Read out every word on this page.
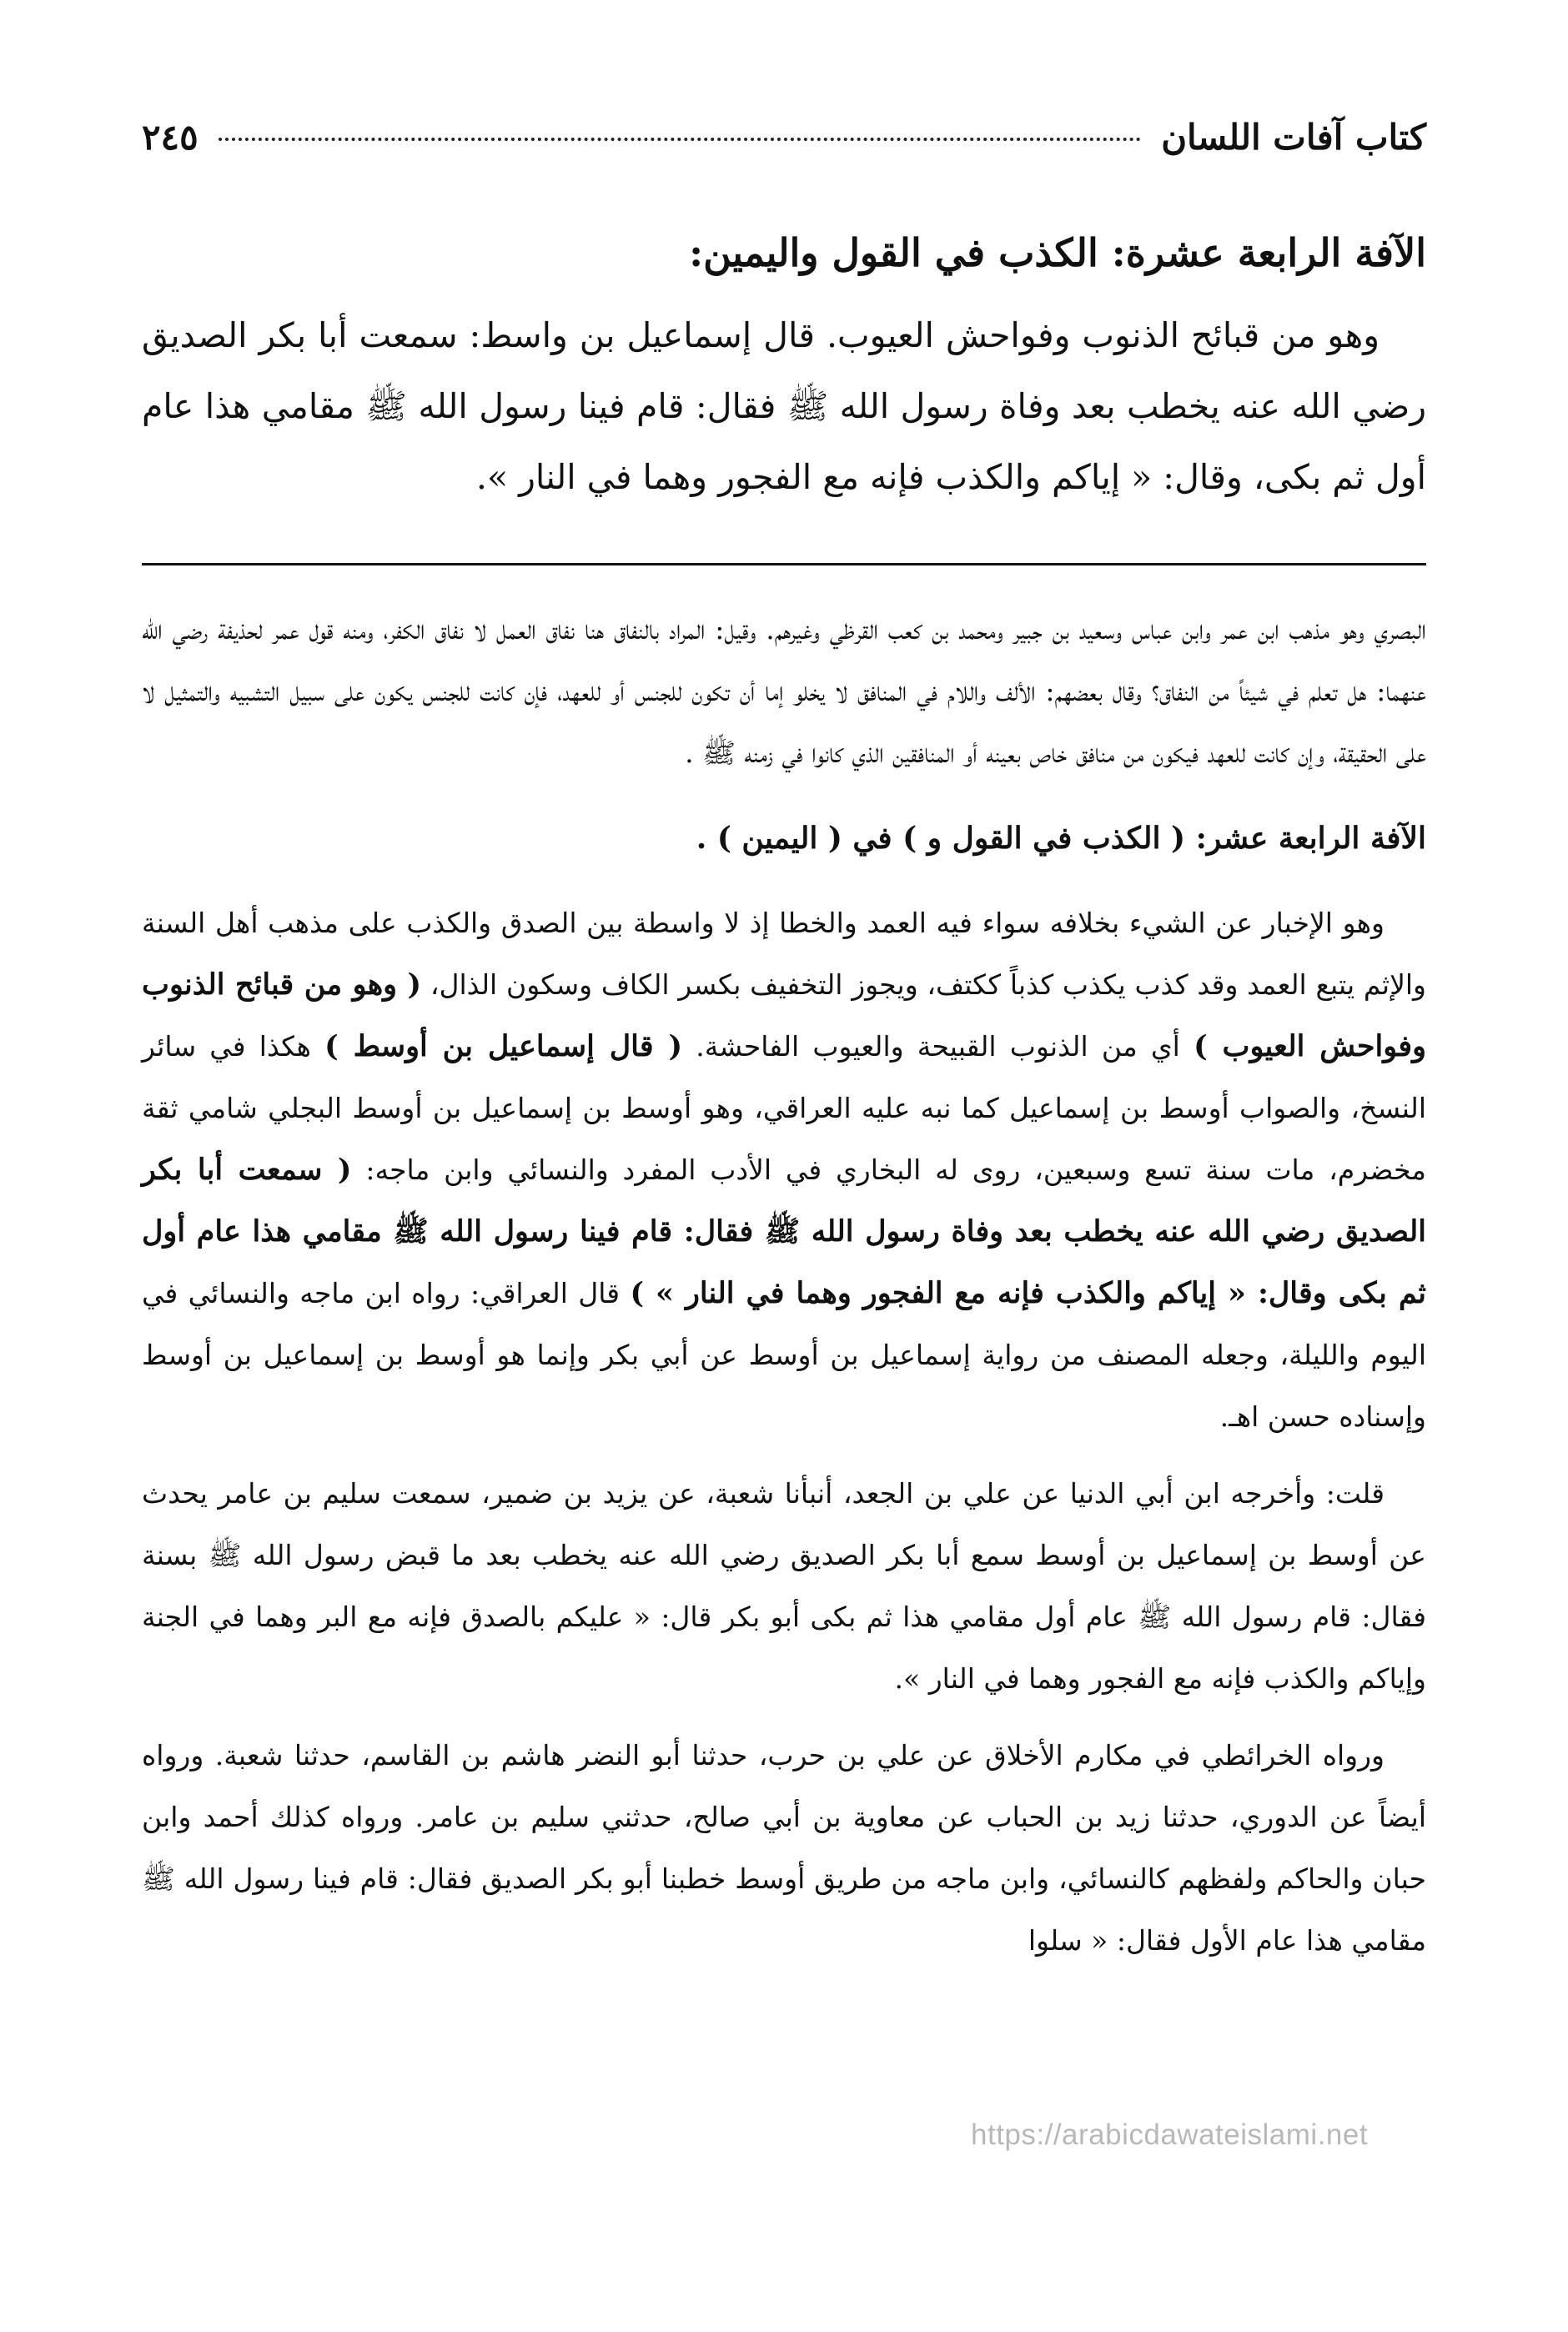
كتاب آفات اللسان
٢٤٥
الآفة الرابعة عشرة: الكذب في القول واليمين:

وهو من قبائح الذنوب وفواحش العيوب. قال إسماعيل بن واسط: سمعت أبا بكر الصديق رضي الله عنه يخطب بعد وفاة رسول الله ﷺ فقال: قام فينا رسول الله ﷺ مقامي هذا عام أول ثم بكى، وقال: « إياكم والكذب فإنه مع الفجور وهما في النار ».

البصري وهو مذهب ابن عمر وابن عباس وسعيد بن جبير ومحمد بن كعب القرظي وغيرهم. وقيل: المراد بالنفاق هنا نفاق العمل لا نفاق الكفر، ومنه قول عمر لحذيفة رضي الله عنهما: هل تعلم في شيئاً من النفاق؟ وقال بعضهم: الألف واللام في المنافق لا يخلو إما أن تكون للجنس أو للعهد، فإن كانت للجنس يكون على سبيل التشبيه والتمثيل لا على الحقيقة، وإن كانت للعهد فيكون من منافق خاص بعينه أو المنافقين الذي كانوا في زمنه ﷺ .

الآفة الرابعة عشر: ( الكذب في القول و ) في ( اليمين ) .

وهو الإخبار عن الشيء بخلافه سواء فيه العمد والخطا إذ لا واسطة بين الصدق والكذب على مذهب أهل السنة والإثم يتبع العمد وقد كذب يكذب كذباً ككتف، ويجوز التخفيف بكسر الكاف وسكون الذال، ( وهو من قبائح الذنوب وفواحش العيوب ) أي من الذنوب القبيحة والعيوب الفاحشة. ( قال إسماعيل بن أوسط ) هكذا في سائر النسخ، والصواب أوسط بن إسماعيل كما نبه عليه العراقي، وهو أوسط بن إسماعيل بن أوسط البجلي شامي ثقة مخضرم، مات سنة تسع وسبعين، روى له البخاري في الأدب المفرد والنسائي وابن ماجه: ( سمعت أبا بكر الصديق رضي الله عنه يخطب بعد وفاة رسول الله ﷺ فقال: قام فينا رسول الله ﷺ مقامي هذا عام أول ثم بكى وقال: « إياكم والكذب فإنه مع الفجور وهما في النار » ) قال العراقي: رواه ابن ماجه والنسائي في اليوم والليلة، وجعله المصنف من رواية إسماعيل بن أوسط عن أبي بكر وإنما هو أوسط بن إسماعيل بن أوسط وإسناده حسن اهـ.

قلت: وأخرجه ابن أبي الدنيا عن علي بن الجعد، أنبأنا شعبة، عن يزيد بن ضمير، سمعت سليم بن عامر يحدث عن أوسط بن إسماعيل بن أوسط سمع أبا بكر الصديق رضي الله عنه يخطب بعد ما قبض رسول الله ﷺ بسنة فقال: قام رسول الله ﷺ عام أول مقامي هذا ثم بكى أبو بكر قال: « عليكم بالصدق فإنه مع البر وهما في الجنة وإياكم والكذب فإنه مع الفجور وهما في النار ».

ورواه الخرائطي في مكارم الأخلاق عن علي بن حرب، حدثنا أبو النضر هاشم بن القاسم، حدثنا شعبة. ورواه أيضاً عن الدوري، حدثنا زيد بن الحباب عن معاوية بن أبي صالح، حدثني سليم بن عامر. ورواه كذلك أحمد وابن حبان والحاكم ولفظهم كالنسائي، وابن ماجه من طريق أوسط خطبنا أبو بكر الصديق فقال: قام فينا رسول الله ﷺ مقامي هذا عام الأول فقال: « سلوا

https://arabicdawateislami.net
